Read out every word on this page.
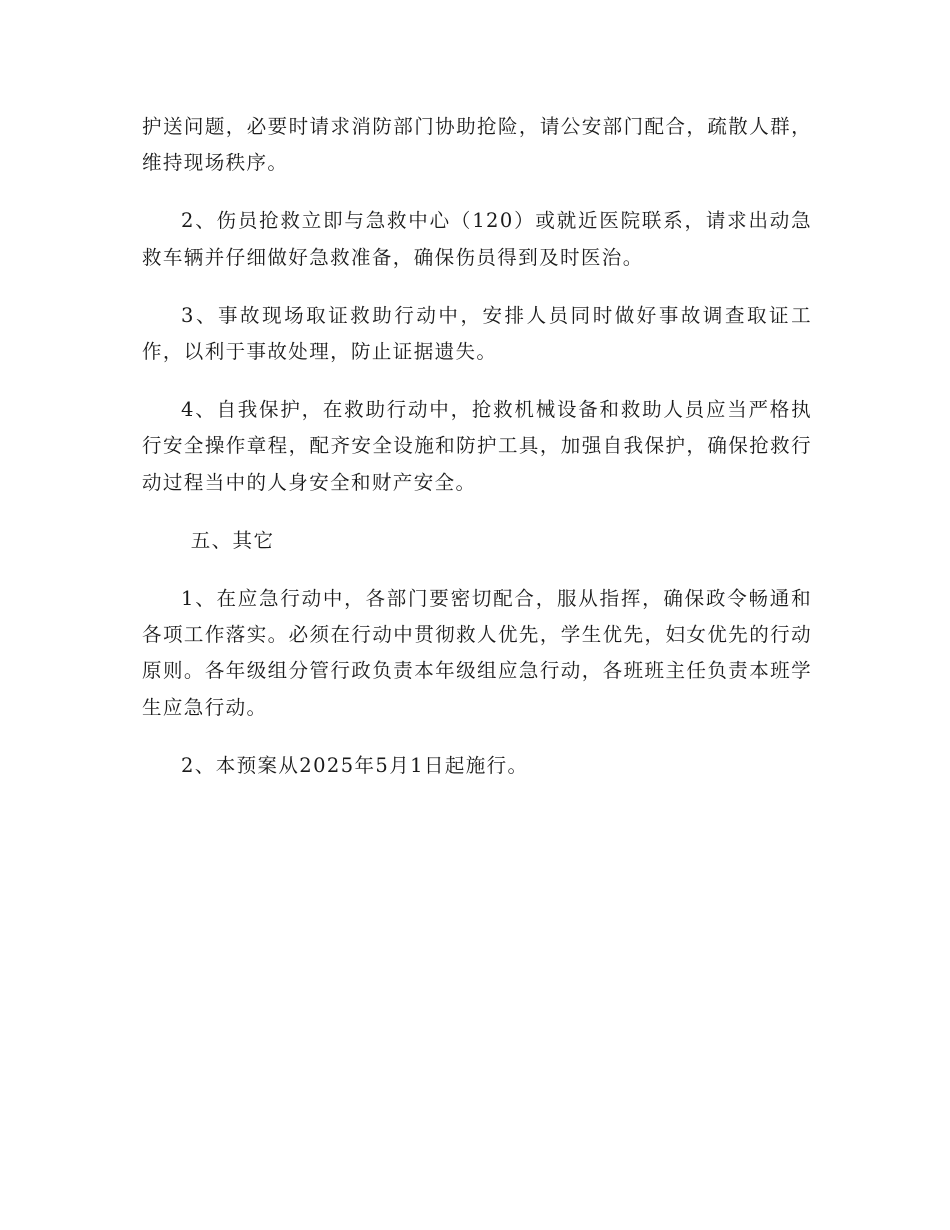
护送问题，必要时请求消防部门协助抢险，请公安部门配合，疏散人群，维持现场秩序。

2、伤员抢救立即与急救中心（120）或就近医院联系，请求出动急救车辆并仔细做好急救准备，确保伤员得到及时医治。

3、事故现场取证救助行动中，安排人员同时做好事故调查取证工作，以利于事故处理，防止证据遗失。

4、自我保护，在救助行动中，抢救机械设备和救助人员应当严格执行安全操作章程，配齐安全设施和防护工具，加强自我保护，确保抢救行动过程当中的人身安全和财产安全。

五、其它

1、在应急行动中，各部门要密切配合，服从指挥，确保政令畅通和各项工作落实。必须在行动中贯彻救人优先，学生优先，妇女优先的行动原则。各年级组分管行政负责本年级组应急行动，各班班主任负责本班学生应急行动。

2、本预案从2025年5月1日起施行。
